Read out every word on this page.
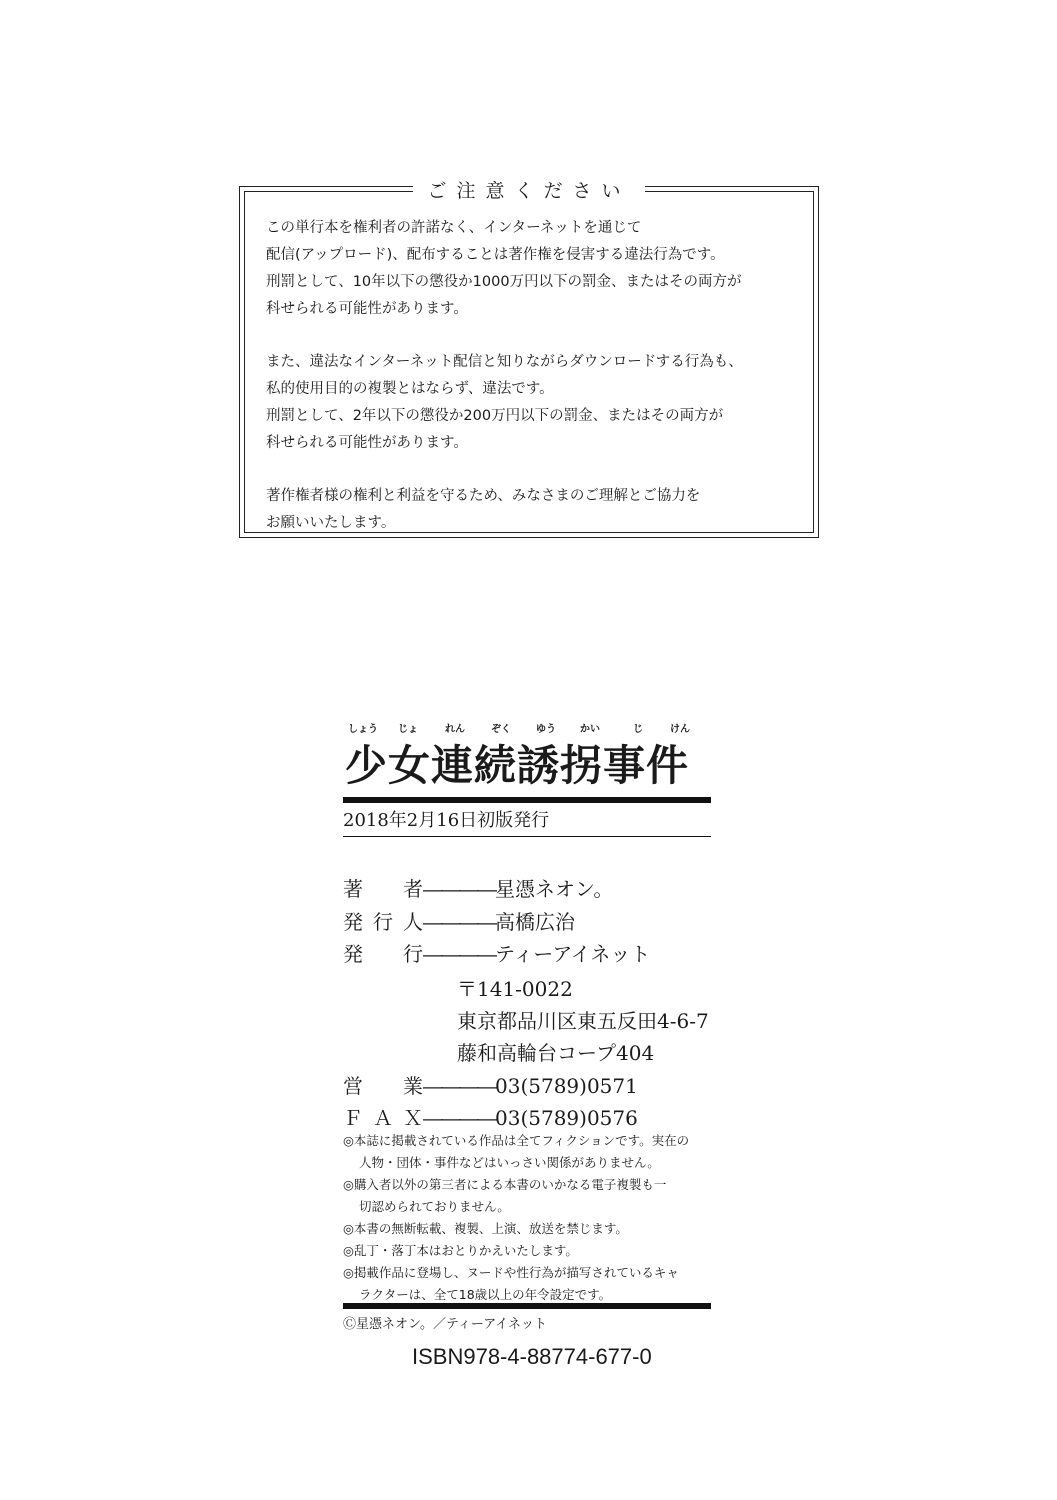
ご注意ください

この単行本を権利者の許諾なく、インターネットを通じて

配信(アップロード)、配布することは著作権を侵害する違法行為です。

刑罰として、10年以下の懲役か1000万円以下の罰金、またはその両方が

科せられる可能性があります。

また、違法なインターネット配信と知りながらダウンロードする行為も、

私的使用目的の複製とはならず、違法です。

刑罰として、2年以下の懲役か200万円以下の罰金、またはその両方が

科せられる可能性があります。

著作権者様の権利と利益を守るため、みなさまのご理解とご協力を

お願いいたします。

しょう じょ	れん	ぞく	ゆう かい	じ	けん
少女連続誘拐事件
2018年2月16日初版発行
著　者――――星憑ネオン。
発行人――――高橋広治
発　行――――ティーアイネット
〒141-0022
東京都品川区東五反田4-6-7
藤和高輪台コープ404
営　業――――03(5789)0571
ＦＡＸ――――03(5789)0576

◎本誌に掲載されている作品は全てフィクションです。実在の

人物・団体・事件などはいっさい関係がありません。

◎購入者以外の第三者による本書のいかなる電子複製も一

切認められておりません。

◎本書の無断転載、複製、上演、放送を禁じます。

◎乱丁・落丁本はおとりかえいたします。

◎掲載作品に登場し、ヌードや性行為が描写されているキャ

ラクターは、全て18歳以上の年令設定です。

Ⓒ星憑ネオン。／ティーアイネット
ISBN978-4-88774-677-0
